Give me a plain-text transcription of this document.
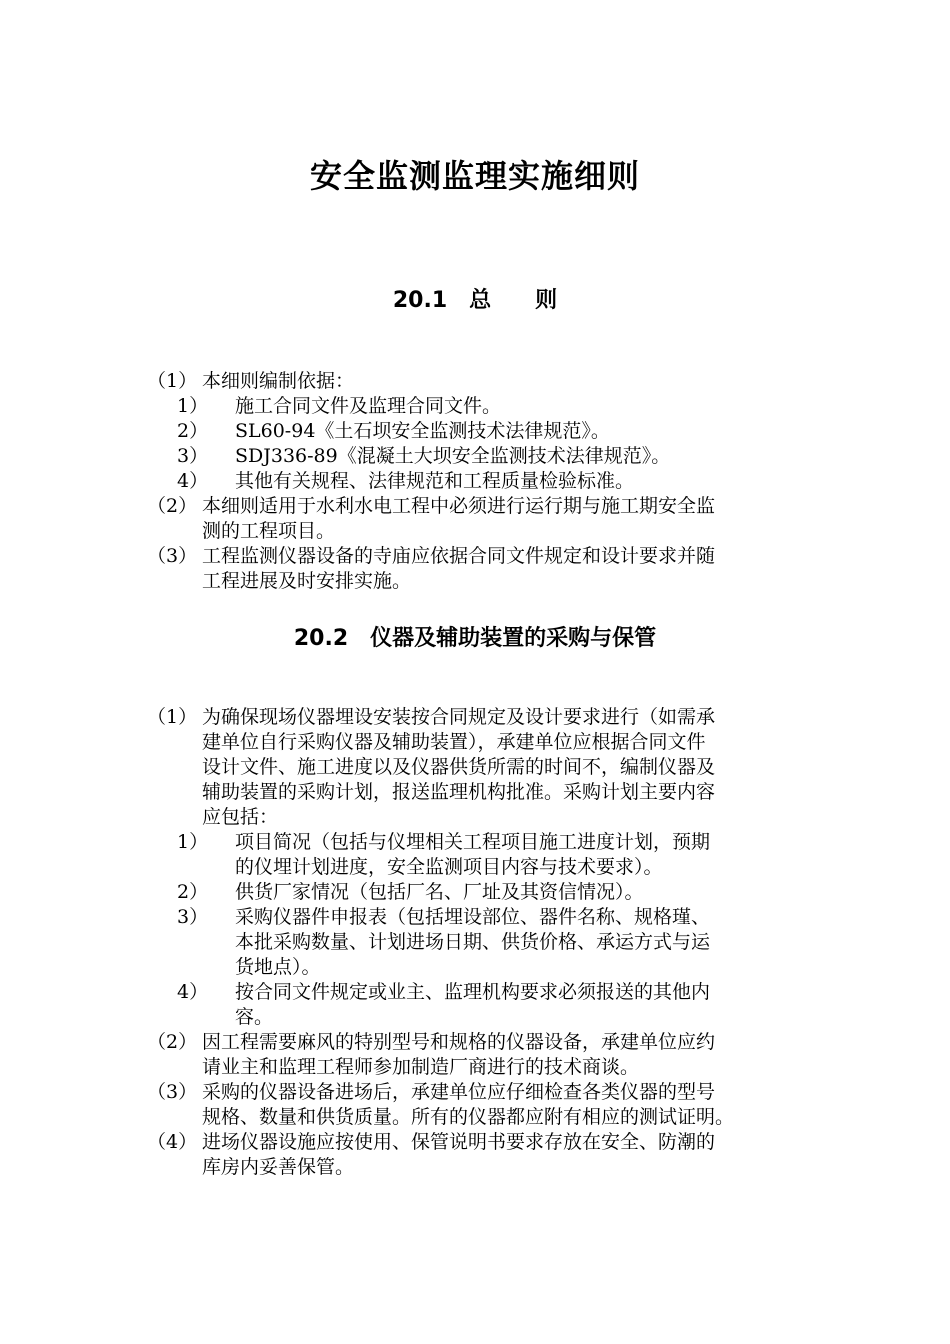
安全监测监理实施细则
20.1　总　　则
（1） 本细则编制依据：
1） 施工合同文件及监理合同文件。
2） SL60-94《土石坝安全监测技术法律规范》。
3） SDJ336-89《混凝土大坝安全监测技术法律规范》。
4） 其他有关规程、法律规范和工程质量检验标准。
（2） 本细则适用于水利水电工程中必须进行运行期与施工期安全监
测的工程项目。
（3） 工程监测仪器设备的寺庙应依据合同文件规定和设计要求并随
工程进展及时安排实施。
20.2　仪器及辅助装置的采购与保管
（1） 为确保现场仪器埋设安装按合同规定及设计要求进行（如需承
建单位自行采购仪器及辅助装置），承建单位应根据合同文件
设计文件、施工进度以及仪器供货所需的时间不，编制仪器及
辅助装置的采购计划，报送监理机构批准。采购计划主要内容
应包括：
1） 项目简况（包括与仪埋相关工程项目施工进度计划，预期
的仪埋计划进度，安全监测项目内容与技术要求）。
2） 供货厂家情况（包括厂名、厂址及其资信情况）。
3） 采购仪器件申报表（包括埋设部位、器件名称、规格瑾、
本批采购数量、计划进场日期、供货价格、承运方式与运
货地点）。
4） 按合同文件规定或业主、监理机构要求必须报送的其他内
容。
（2） 因工程需要麻风的特别型号和规格的仪器设备，承建单位应约
请业主和监理工程师参加制造厂商进行的技术商谈。
（3） 采购的仪器设备进场后，承建单位应仔细检查各类仪器的型号
规格、数量和供货质量。所有的仪器都应附有相应的测试证明。
（4） 进场仪器设施应按使用、保管说明书要求存放在安全、防潮的
库房内妥善保管。
